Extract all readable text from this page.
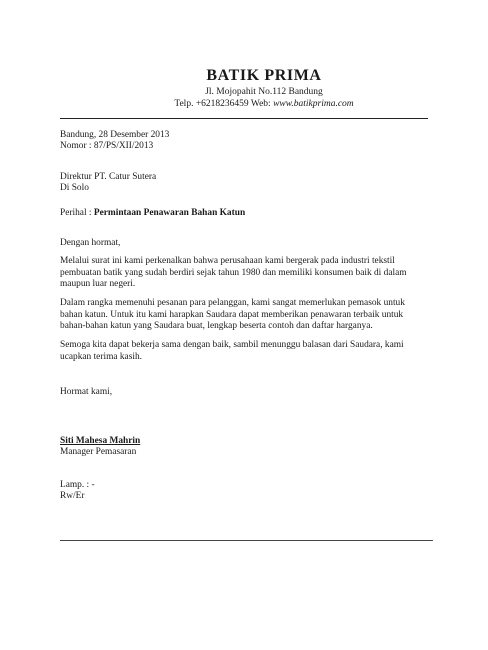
BATIK PRIMA
Jl. Mojopahit No.112 Bandung
Telp. +6218236459 Web: www.batikprima.com
Bandung, 28 Desember 2013
Nomor : 87/PS/XII/2013
Direktur PT. Catur Sutera
Di Solo
Perihal : Permintaan Penawaran Bahan Katun
Dengan hormat,
Melalui surat ini kami perkenalkan bahwa perusahaan kami bergerak pada industri tekstil
pembuatan batik yang sudah berdiri sejak tahun 1980 dan memiliki konsumen baik di dalam
maupun luar negeri.
Dalam rangka memenuhi pesanan para pelanggan, kami sangat memerlukan pemasok untuk
bahan katun. Untuk itu kami harapkan Saudara dapat memberikan penawaran terbaik untuk
bahan-bahan katun yang Saudara buat, lengkap beserta contoh dan daftar harganya.
Semoga kita dapat bekerja sama dengan baik, sambil menunggu balasan dari Saudara, kami
ucapkan terima kasih.
Hormat kami,
Siti Mahesa Mahrin
Manager Pemasaran
Lamp. : -
Rw/Er
